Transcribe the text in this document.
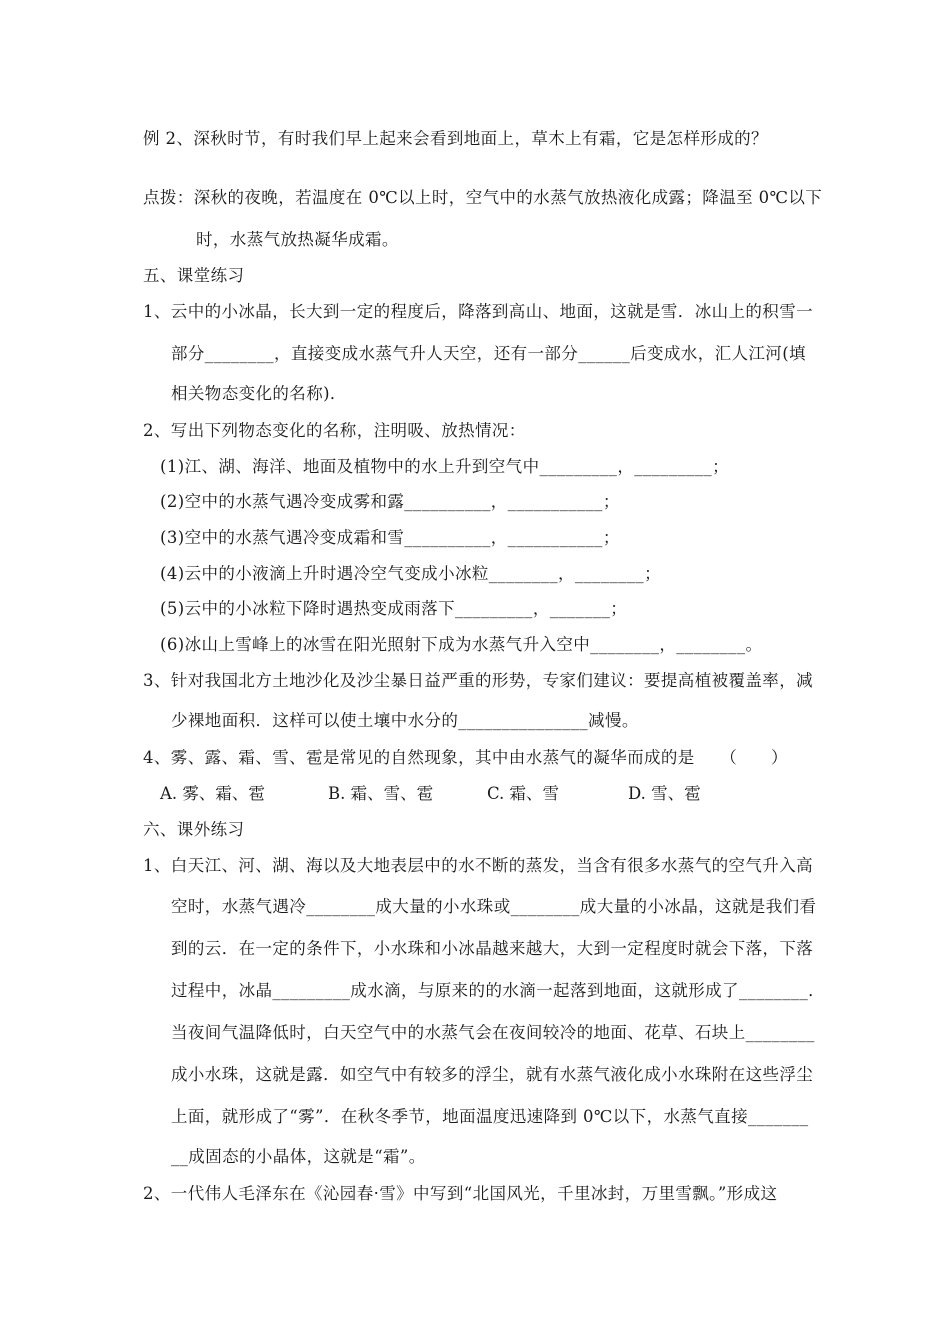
例 2、深秋时节，有时我们早上起来会看到地面上，草木上有霜，它是怎样形成的？
点拨：深秋的夜晚，若温度在 0℃以上时，空气中的水蒸气放热液化成露；降温至 0℃以下
时，水蒸气放热凝华成霜。
五、课堂练习
1、云中的小冰晶，长大到一定的程度后，降落到高山、地面，这就是雪．冰山上的积雪一
部分________，直接变成水蒸气升人天空，还有一部分______后变成水，汇人江河(填
相关物态变化的名称)．
2、写出下列物态变化的名称，注明吸、放热情况：
(1)江、湖、海洋、地面及植物中的水上升到空气中_________，_________；
(2)空中的水蒸气遇冷变成雾和露__________，___________；
(3)空中的水蒸气遇冷变成霜和雪__________，___________；
(4)云中的小液滴上升时遇冷空气变成小冰粒________，________；
(5)云中的小冰粒下降时遇热变成雨落下_________，_______；
(6)冰山上雪峰上的冰雪在阳光照射下成为水蒸气升入空中________，________。
3、针对我国北方土地沙化及沙尘暴日益严重的形势，专家们建议：要提高植被覆盖率，减
少裸地面积．这样可以使土壤中水分的_______________减慢。
4、雾、露、霜、雪、雹是常见的自然现象，其中由水蒸气的凝华而成的是　　（　　）
A. 雾、霜、雹	B. 霜、雪、雹	C. 霜、雪	D. 雪、雹
六、课外练习
1、白天江、河、湖、海以及大地表层中的水不断的蒸发，当含有很多水蒸气的空气升入高
空时，水蒸气遇冷________成大量的小水珠或________成大量的小冰晶，这就是我们看
到的云．在一定的条件下，小水珠和小冰晶越来越大，大到一定程度时就会下落，下落
过程中，冰晶_________成水滴，与原来的的水滴一起落到地面，这就形成了________．
当夜间气温降低时，白天空气中的水蒸气会在夜间较冷的地面、花草、石块上________
成小水珠，这就是露．如空气中有较多的浮尘，就有水蒸气液化成小水珠附在这些浮尘
上面，就形成了“雾”．在秋冬季节，地面温度迅速降到 0℃以下，水蒸气直接_______
__成固态的小晶体，这就是“霜”。
2、一代伟人毛泽东在《沁园春·雪》中写到“北国风光，千里冰封，万里雪飘。”形成这
